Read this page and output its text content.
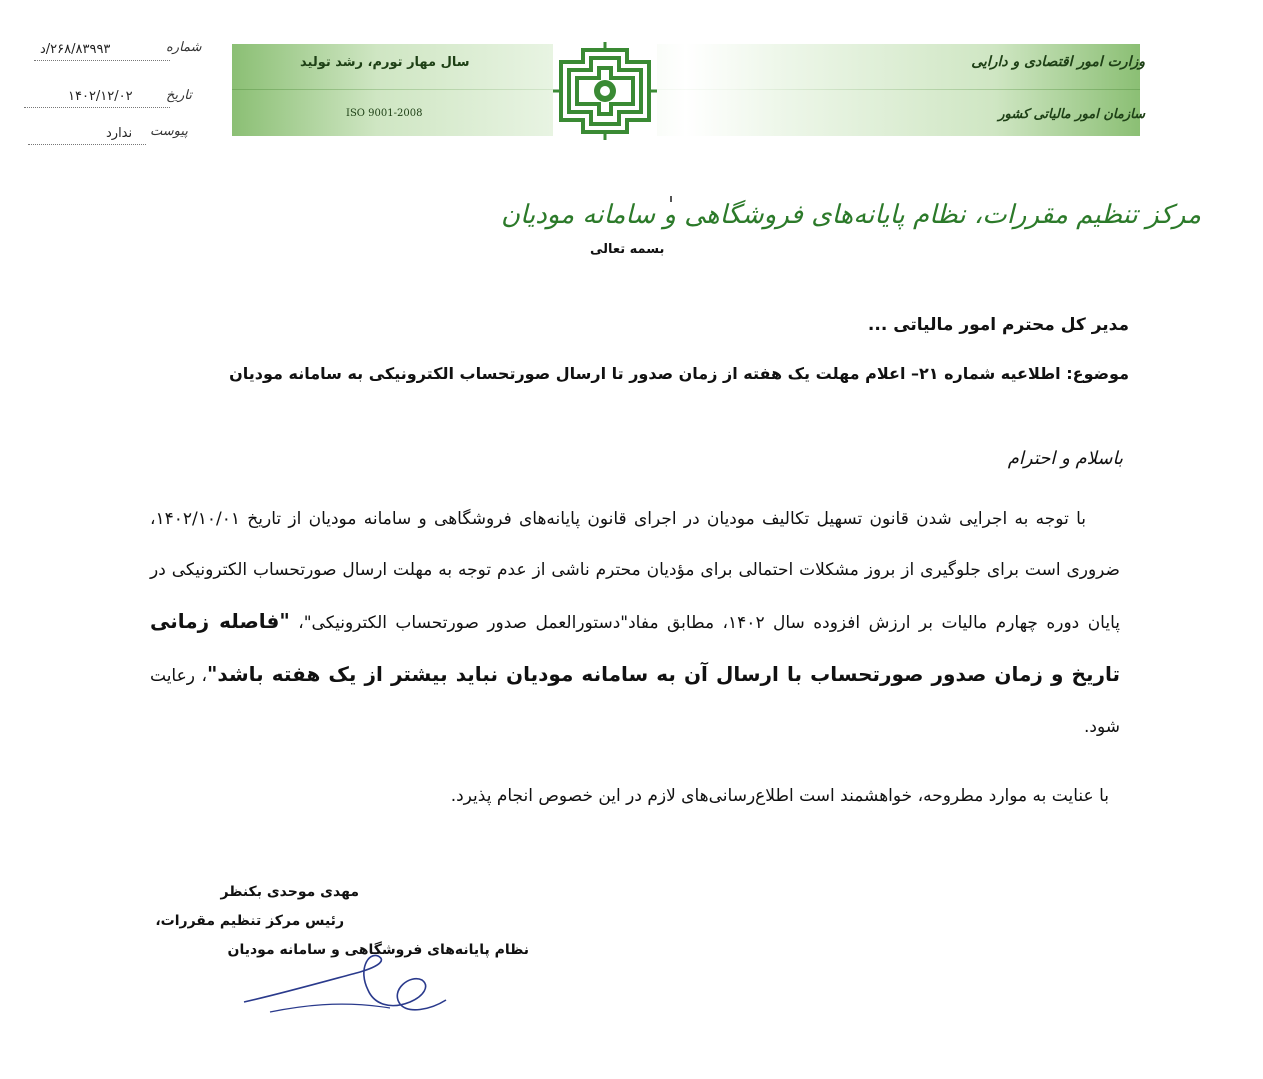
وزارت امور اقتصادی و دارایی
سازمان امور مالیاتی کشور
سال مهار تورم، رشد تولید
ISO 9001-2008
شماره
۲۶۸/۸۳۹۹۳/د
تاریخ
۱۴۰۲/۱۲/۰۲
پیوست
ندارد
مرکز تنظیم مقررات، نظام پایانه‌های فروشگاهی و سامانه مودیان
بسمه تعالی
مدیر کل محترم امور مالیاتی ...
موضوع: اطلاعیه شماره ۲۱– اعلام مهلت یک هفته از زمان صدور تا ارسال صورتحساب الکترونیکی به سامانه مودیان
باسلام و احترام
  با توجه به اجرایی شدن قانون تسهیل تکالیف مودیان در اجرای قانون پایانه‌های فروشگاهی و سامانه مودیان از تاریخ ۱۴۰۲/۱۰/۰۱، ضروری است برای جلوگیری از بروز مشکلات احتمالی برای مؤدیان محترم ناشی از عدم توجه به مهلت ارسال صورتحساب الکترونیکی در پایان دوره چهارم مالیات بر ارزش افزوده سال ۱۴۰۲، مطابق مفاد"دستورالعمل صدور صورتحساب الکترونیکی"، "فاصله زمانی تاریخ و زمان صدور صورتحساب با ارسال آن به سامانه مودیان نباید بیشتر از یک هفته باشد"، رعایت شود.
با عنایت به موارد مطروحه، خواهشمند است اطلاع‌رسانی‌های لازم در این خصوص انجام پذیرد.
مهدی موحدی بکنظر
رئیس مرکز تنظیم مقررات،
نظام پایانه‌های فروشگاهی و سامانه مودیان
